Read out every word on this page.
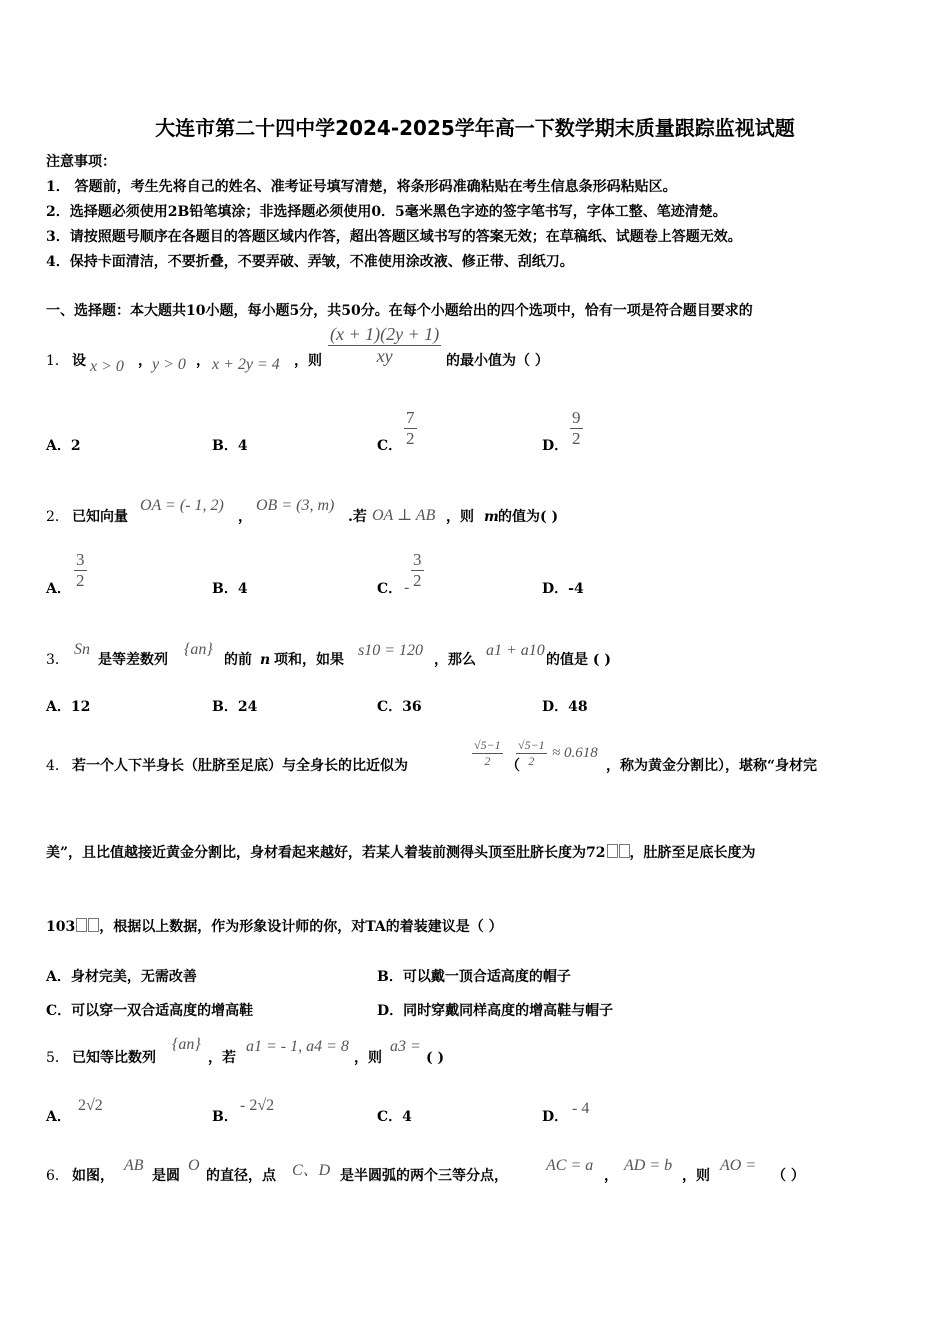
大连市第二十四中学2024-2025学年高一下数学期末质量跟踪监视试题
注意事项：
1． 答题前，考生先将自己的姓名、准考证号填写清楚，将条形码准确粘贴在考生信息条形码粘贴区。
2．选择题必须使用2B铅笔填涂；非选择题必须使用0．5毫米黑色字迹的签字笔书写，字体工整、笔迹清楚。
3．请按照题号顺序在各题目的答题区域内作答，超出答题区域书写的答案无效；在草稿纸、试题卷上答题无效。
4．保持卡面清洁，不要折叠，不要弄破、弄皱，不准使用涂改液、修正带、刮纸刀。
一、选择题：本大题共10小题，每小题5分，共50分。在每个小题给出的四个选项中，恰有一项是符合题目要求的
1． 设 x > 0 ， y > 0 ， x + 2y = 4 ，则 $\frac{(x + 1)(2y + 1)}{xy}$ 的最小值为（ ）
A．2	B．4	C． $\frac{7}{2}$	D． $\frac{9}{2}$
2． 已知向量
OA = (- 1, 2)
，
OB = (3, m)
.若 OA ⊥ AB ，则 m 的值为( )
A． $\frac{3}{2}$	B．4	C． - $\frac{3}{2}$	D．-4
3．
Sn
是等差数列
{an}
的前 n 项和，如果
s10 = 120
，那么
a1 + a10
的值是 ( )
A．12	B．24	C．36	D．48
4． 若一个人下半身长（肚脐至足底）与全身长的比近似为	$\frac{√5-1}{2}$ （
$\frac{√5-1}{2} \approx 0.618$
，称为黄金分割比），堪称“身材完
美”，且比值越接近黄金分割比，身材看起来越好，若某人着装前测得头顶至肚脐长度为72 ，肚脐至足底长度为
103 ，根据以上数据，作为形象设计师的你，对TA的着装建议是（ ）
A．身材完美，无需改善	B．可以戴一顶合适高度的帽子
C．可以穿一双合适高度的增高鞋	D．同时穿戴同样高度的增高鞋与帽子
5． 已知等比数列
{an}
，若
a1 = - 1, a4 = 8
，则
a3 =
( )
A．
2√2
B．
- 2√2
C．4	D． - 4
6． 如图，
AB
是圆
O
的直径，点 C、D 是半圆弧的两个三等分点，
AC = a
，
AD = b
，则
AO =
（ ）
